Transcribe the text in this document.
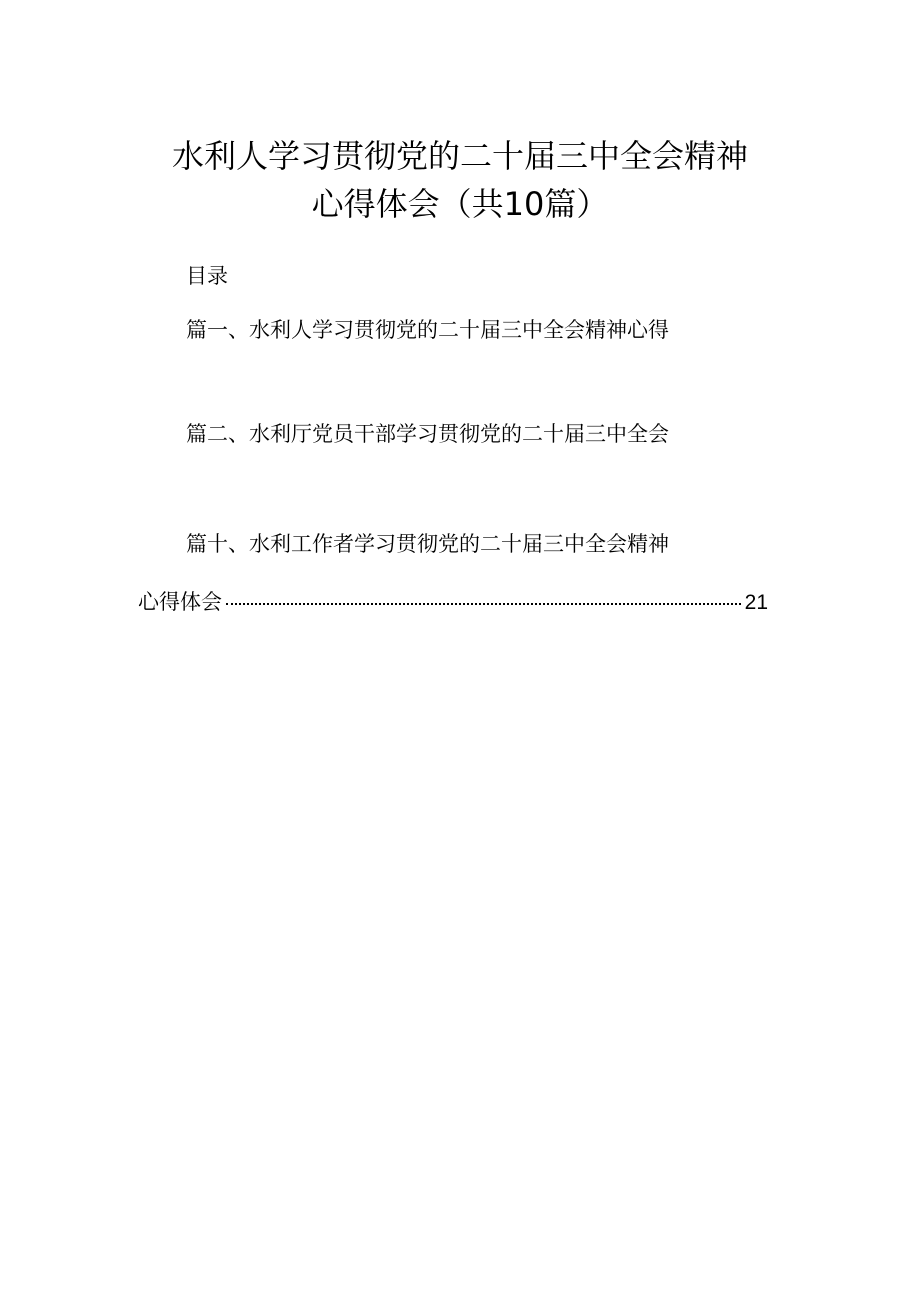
水利人学习贯彻党的二十届三中全会精神
心得体会（共10篇）
目录
篇一、水利人学习贯彻党的二十届三中全会精神心得
篇二、水利厅党员干部学习贯彻党的二十届三中全会
篇十、水利工作者学习贯彻党的二十届三中全会精神
心得体会	21
